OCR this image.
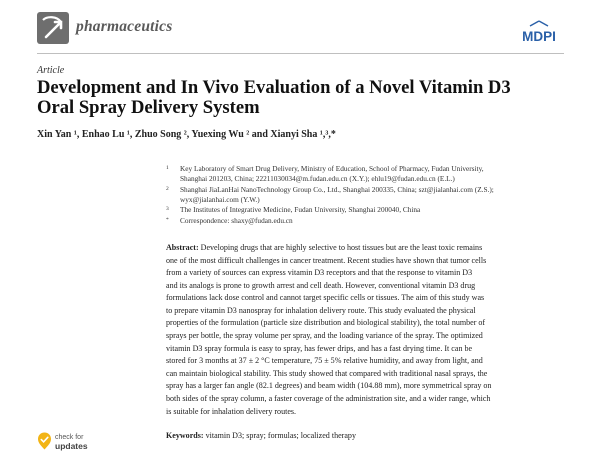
pharmaceutics
MDPI
Article
Development and In Vivo Evaluation of a Novel Vitamin D3
Oral Spray Delivery System
Xin Yan ¹, Enhao Lu ¹, Zhuo Song ², Yuexing Wu ² and Xianyi Sha ¹,³,*
1	Key Laboratory of Smart Drug Delivery, Ministry of Education, School of Pharmacy, Fudan University,
Shanghai 201203, China; 22211030034@m.fudan.edu.cn (X.Y.); ehlu19@fudan.edu.cn (E.L.)
2	Shanghai JiaLanHai NanoTechnology Group Co., Ltd., Shanghai 200335, China; szt@jialanhai.com (Z.S.);
wyx@jialanhai.com (Y.W.)
3	The Institutes of Integrative Medicine, Fudan University, Shanghai 200040, China
*	Correspondence: shaxy@fudan.edu.cn
Abstract: Developing drugs that are highly selective to host tissues but are the least toxic remains
one of the most difficult challenges in cancer treatment. Recent studies have shown that tumor cells
from a variety of sources can express vitamin D3 receptors and that the response to vitamin D3
and its analogs is prone to growth arrest and cell death. However, conventional vitamin D3 drug
formulations lack dose control and cannot target specific cells or tissues. The aim of this study was
to prepare vitamin D3 nanospray for inhalation delivery route. This study evaluated the physical
properties of the formulation (particle size distribution and biological stability), the total number of
sprays per bottle, the spray volume per spray, and the loading variance of the spray. The optimized
vitamin D3 spray formula is easy to spray, has fewer drips, and has a fast drying time. It can be
stored for 3 months at 37 ± 2 °C temperature, 75 ± 5% relative humidity, and away from light, and
can maintain biological stability. This study showed that compared with traditional nasal sprays, the
spray has a larger fan angle (82.1 degrees) and beam width (104.88 mm), more symmetrical spray on
both sides of the spray column, a faster coverage of the administration site, and a wider range, which
is suitable for inhalation delivery routes.
Keywords: vitamin D3; spray; formulas; localized therapy
check for
updates
